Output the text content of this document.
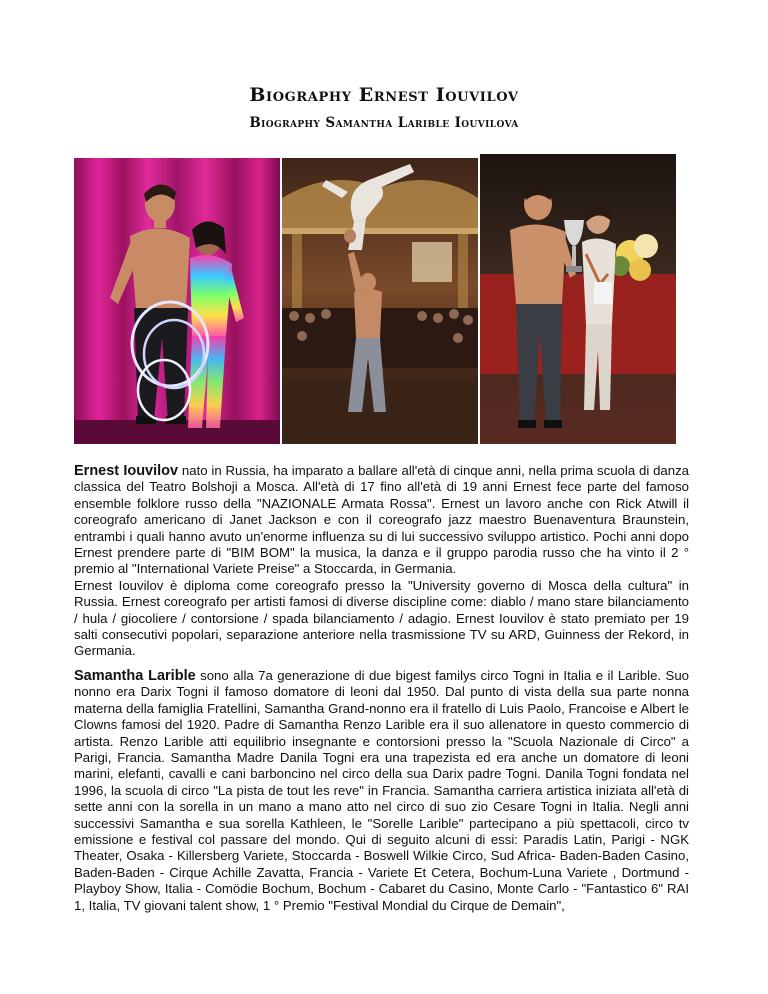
Biography Ernest Iouvilov
Biography Samantha Larible Iouvilova

Ernest Iouvilov nato in Russia, ha imparato a ballare all'età di cinque anni, nella prima scuola di danza classica del Teatro Bolshoji a Mosca. All'età di 17 fino all'età di 19 anni Ernest fece parte del famoso ensemble folklore russo della "NAZIONALE Armata Rossa". Ernest un lavoro anche con Rick Atwill il coreografo americano di Janet Jackson e con il coreografo jazz maestro Buenaventura Braunstein, entrambi i quali hanno avuto un'enorme influenza su di lui successivo sviluppo artistico. Pochi anni dopo Ernest prendere parte di "BIM BOM" la musica, la danza e il gruppo parodia russo che ha vinto il 2 ° premio al "International Variete Preise" a Stoccarda, in Germania.

Ernest Iouvilov è diploma come coreografo presso la "University governo di Mosca della cultura" in Russia. Ernest coreografo per artisti famosi di diverse discipline come: diablo / mano stare bilanciamento / hula / giocoliere / contorsione / spada bilanciamento / adagio. Ernest Iouvilov è stato premiato per 19 salti consecutivi popolari, separazione anteriore nella trasmissione TV su ARD, Guinness der Rekord, in Germania.

Samantha Larible sono alla 7a generazione di due bigest familys circo Togni in Italia e il Larible. Suo nonno era Darix Togni il famoso domatore di leoni dal 1950. Dal punto di vista della sua parte nonna materna della famiglia Fratellini, Samantha Grand-nonno era il fratello di Luis Paolo, Francoise e Albert le Clowns famosi del 1920. Padre di Samantha Renzo Larible era il suo allenatore in questo commercio di artista. Renzo Larible atti equilibrio insegnante e contorsioni presso la "Scuola Nazionale di Circo" a Parigi, Francia. Samantha Madre Danila Togni era una trapezista ed era anche un domatore di leoni marini, elefanti, cavalli e cani barboncino nel circo della sua Darix padre Togni. Danila Togni fondata nel 1996, la scuola di circo "La pista de tout les reve" in Francia. Samantha carriera artistica iniziata all'età di sette anni con la sorella in un mano a mano atto nel circo di suo zio Cesare Togni in Italia. Negli anni successivi Samantha e sua sorella Kathleen, le "Sorelle Larible" partecipano a più spettacoli, circo tv emissione e festival col passare del mondo. Qui di seguito alcuni di essi: Paradis Latin, Parigi - NGK Theater, Osaka - Killersberg Variete, Stoccarda - Boswell Wilkie Circo, Sud Africa- Baden-Baden Casino, Baden-Baden - Cirque Achille Zavatta, Francia - Variete Et Cetera, Bochum-Luna Variete , Dortmund - Playboy Show, Italia - Comödie Bochum, Bochum - Cabaret du Casino, Monte Carlo - "Fantastico 6" RAI 1, Italia, TV giovani talent show, 1 ° Premio "Festival Mondial du Cirque de Demain",
